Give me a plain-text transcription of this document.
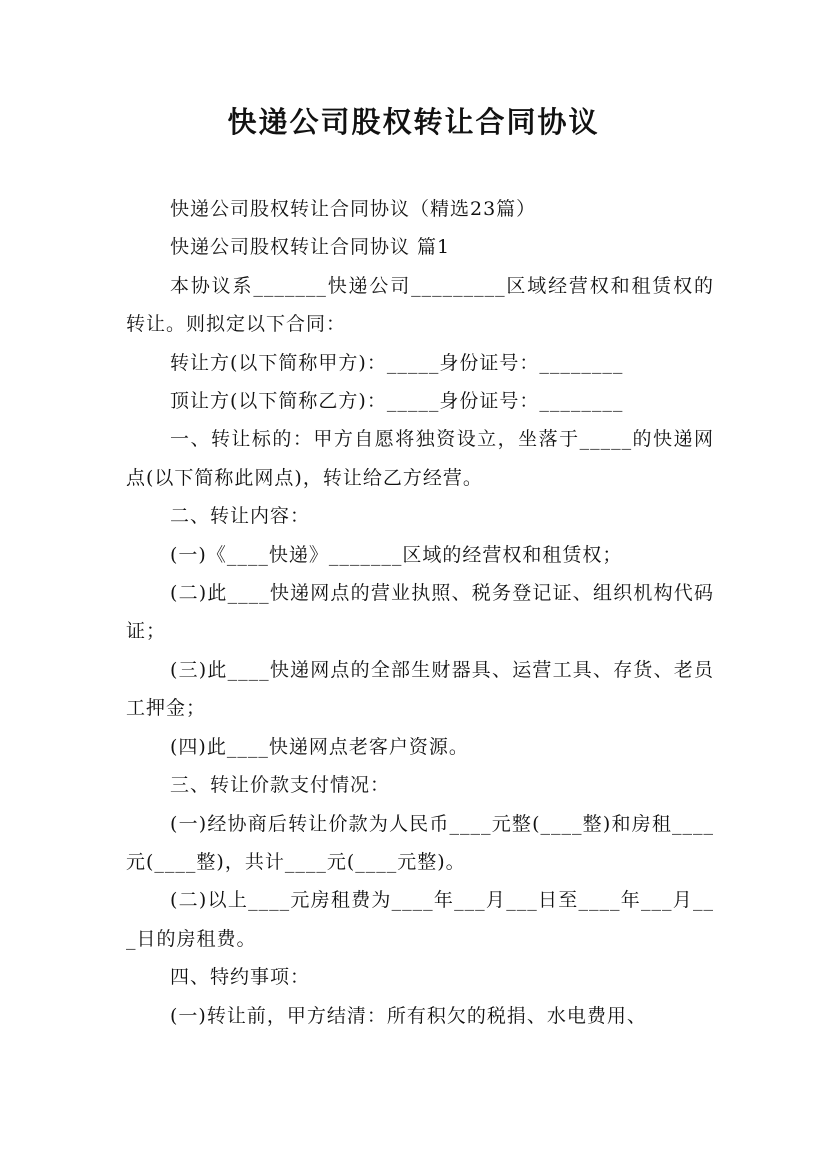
快递公司股权转让合同协议

快递公司股权转让合同协议（精选23篇）

快递公司股权转让合同协议 篇1

本协议系_______快递公司_________区域经营权和租赁权的转让。则拟定以下合同：

转让方(以下简称甲方)：_____身份证号：________

顶让方(以下简称乙方)：_____身份证号：________

一、转让标的：甲方自愿将独资设立，坐落于_____的快递网点(以下简称此网点)，转让给乙方经营。

二、转让内容：

(一)《____快递》_______区域的经营权和租赁权；

(二)此____快递网点的营业执照、税务登记证、组织机构代码证；

(三)此____快递网点的全部生财器具、运营工具、存货、老员工押金；

(四)此____快递网点老客户资源。

三、转让价款支付情况：

(一)经协商后转让价款为人民币____元整(____整)和房租____元(____整)，共计____元(____元整)。

(二)以上____元房租费为____年___月___日至____年___月___日的房租费。

四、特约事项：

(一)转让前，甲方结清：所有积欠的税捐、水电费用、
